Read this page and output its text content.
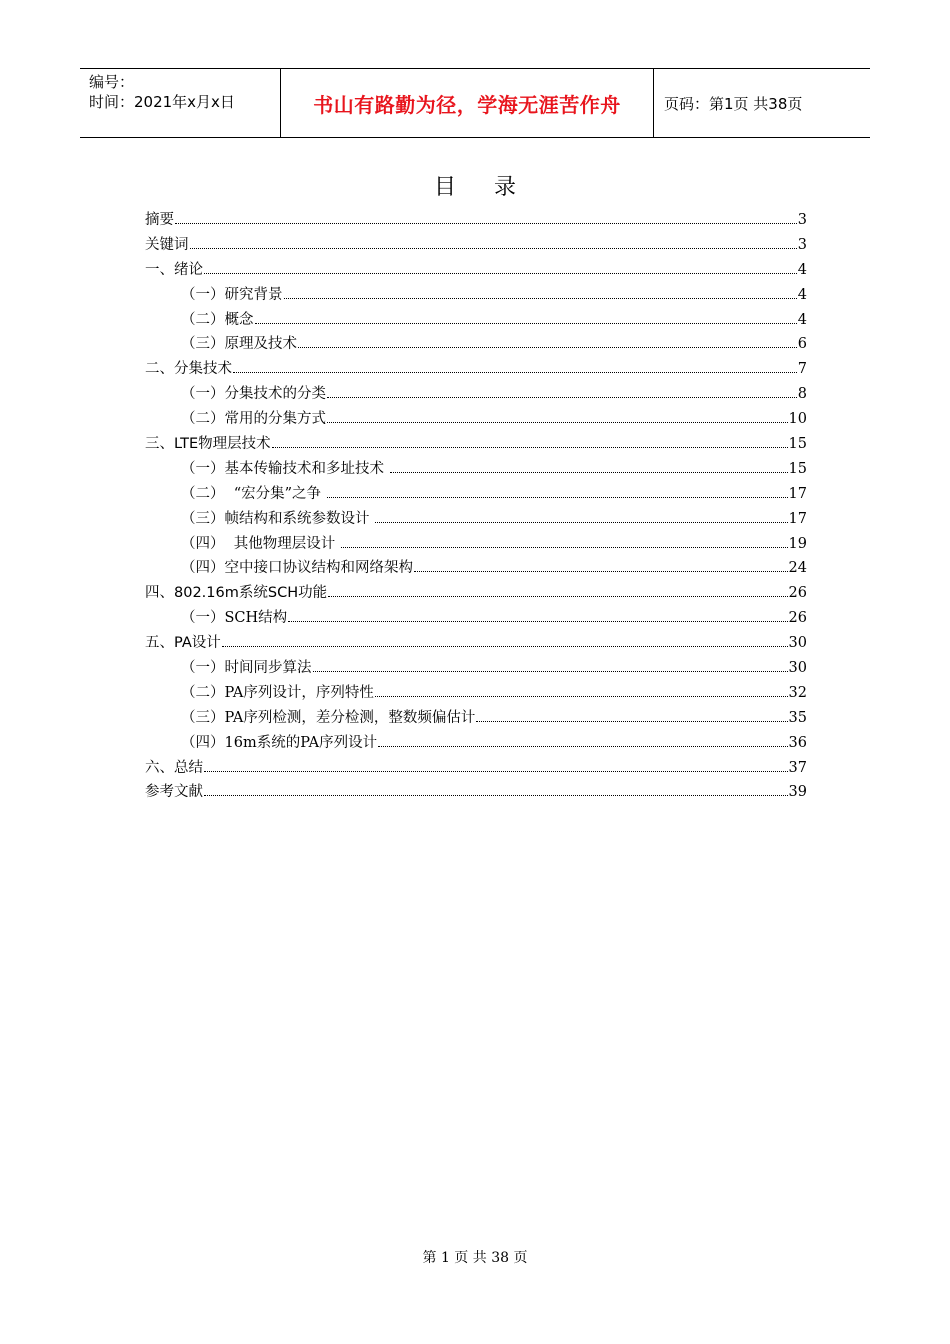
编号：
时间：2021年x月x日	书山有路勤为径，学海无涯苦作舟	页码：第1页 共38页
目录
摘要	3
关键词	3
一、绪论	4
（一）研究背景	4
（二）概念	4
（三）原理及技术	6
二、分集技术	7
（一）分集技术的分类	8
（二）常用的分集方式	10
三、LTE物理层技术	15
（一）基本传输技术和多址技术	15
（二）  “宏分集”之争	17
（三）帧结构和系统参数设计	17
（四）  其他物理层设计	19
（四）空中接口协议结构和网络架构	24
四、802.16m系统SCH功能	26
（一）SCH结构	26
五、PA设计	30
（一）时间同步算法	30
（二）PA序列设计，序列特性	32
（三）PA序列检测，差分检测，整数频偏估计	35
（四）16m系统的PA序列设计	36
六、总结	37
参考文献	39
第 1 页 共 38 页
